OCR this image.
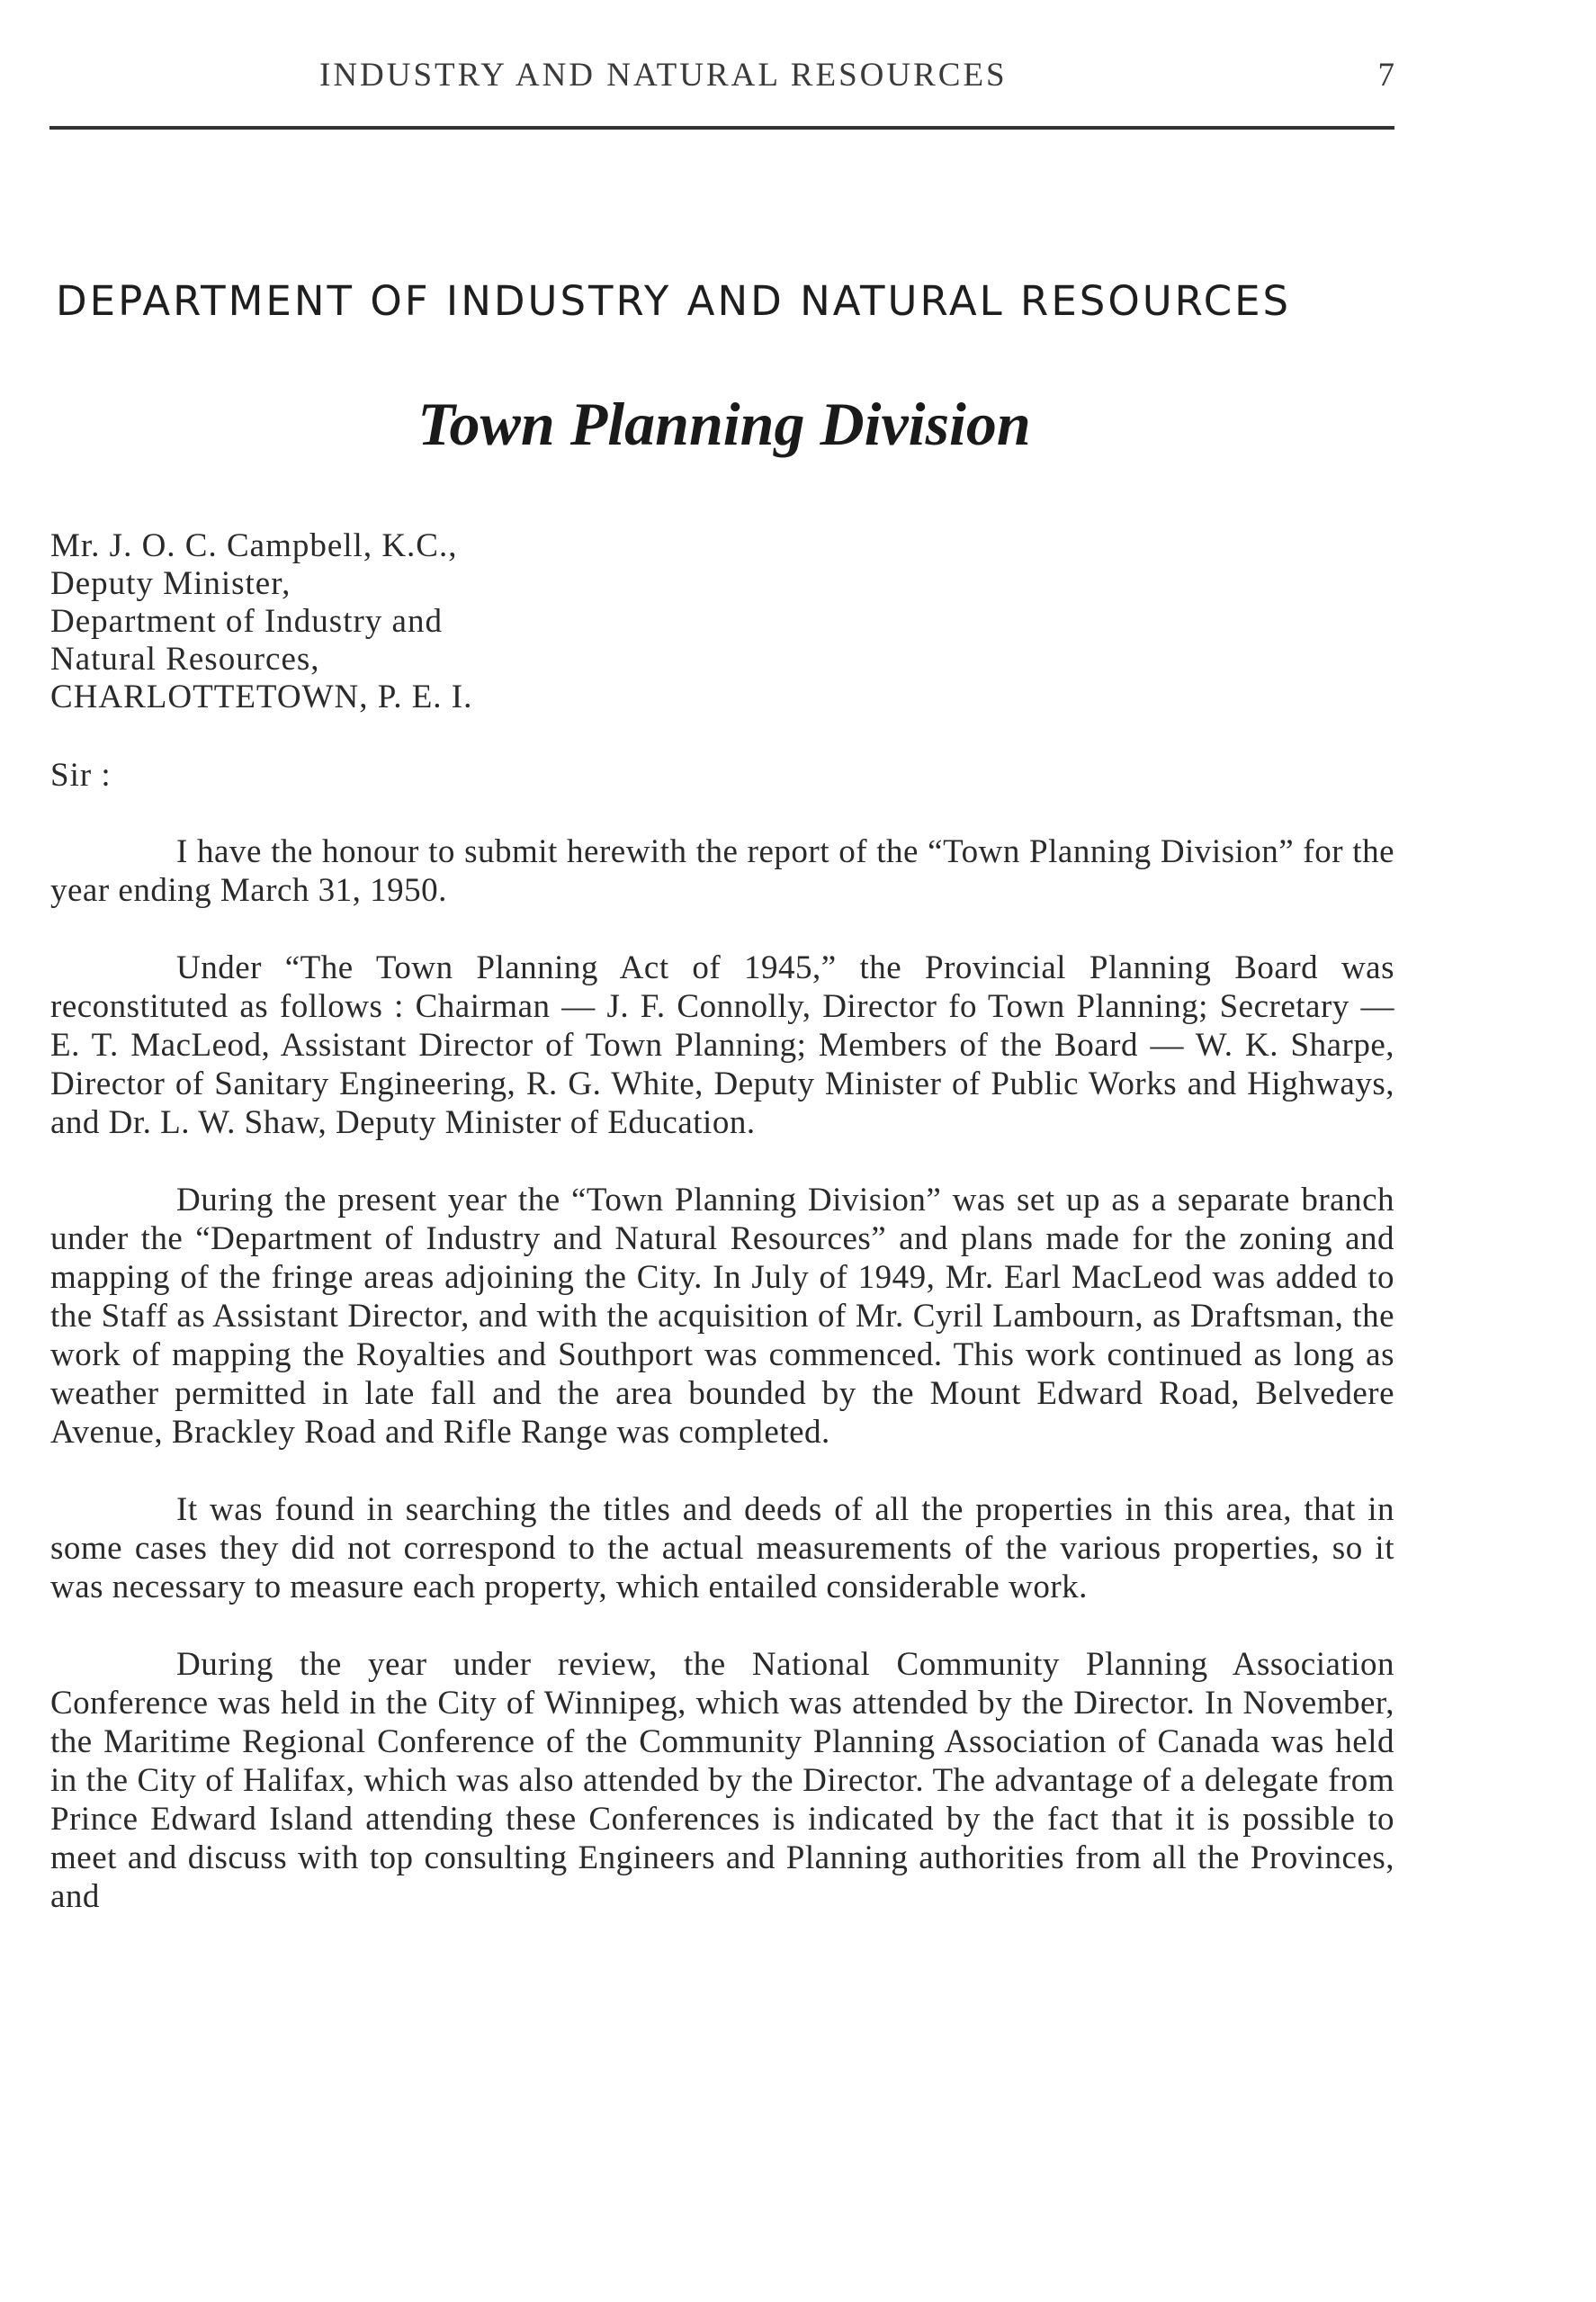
INDUSTRY AND NATURAL RESOURCES	7
DEPARTMENT OF INDUSTRY AND NATURAL RESOURCES
Town Planning Division
Mr. J. O. C. Campbell, K.C.,
Deputy Minister,
Department of Industry and
Natural Resources,
CHARLOTTETOWN, P. E. I.
Sir :

I have the honour to submit herewith the report of the “Town Planning Division” for the year ending March 31, 1950.

Under “The Town Planning Act of 1945,” the Provincial Planning Board was reconstituted as follows : Chairman — J. F. Connolly, Director fo Town Planning; Secretary — E. T. MacLeod, Assistant Director of Town Planning; Members of the Board — W. K. Sharpe, Director of Sanitary Engineering, R. G. White, Deputy Minister of Public Works and Highways, and Dr. L. W. Shaw, Deputy Minister of Education.

During the present year the “Town Planning Division” was set up as a separate branch under the “Department of Industry and Natural Resources” and plans made for the zoning and mapping of the fringe areas adjoining the City. In July of 1949, Mr. Earl MacLeod was added to the Staff as Assistant Director, and with the acquisition of Mr. Cyril Lambourn, as Draftsman, the work of mapping the Royalties and Southport was commenced. This work continued as long as weather permitted in late fall and the area bounded by the Mount Edward Road, Belvedere Avenue, Brackley Road and Rifle Range was completed.

It was found in searching the titles and deeds of all the properties in this area, that in some cases they did not correspond to the actual measurements of the various properties, so it was necessary to measure each property, which entailed considerable work.

During the year under review, the National Community Planning Association Conference was held in the City of Winnipeg, which was attended by the Director. In November, the Maritime Regional Conference of the Community Planning Association of Canada was held in the City of Halifax, which was also attended by the Director. The advantage of a delegate from Prince Edward Island attending these Conferences is indicated by the fact that it is possible to meet and discuss with top consulting Engineers and Planning authorities from all the Provinces, and
